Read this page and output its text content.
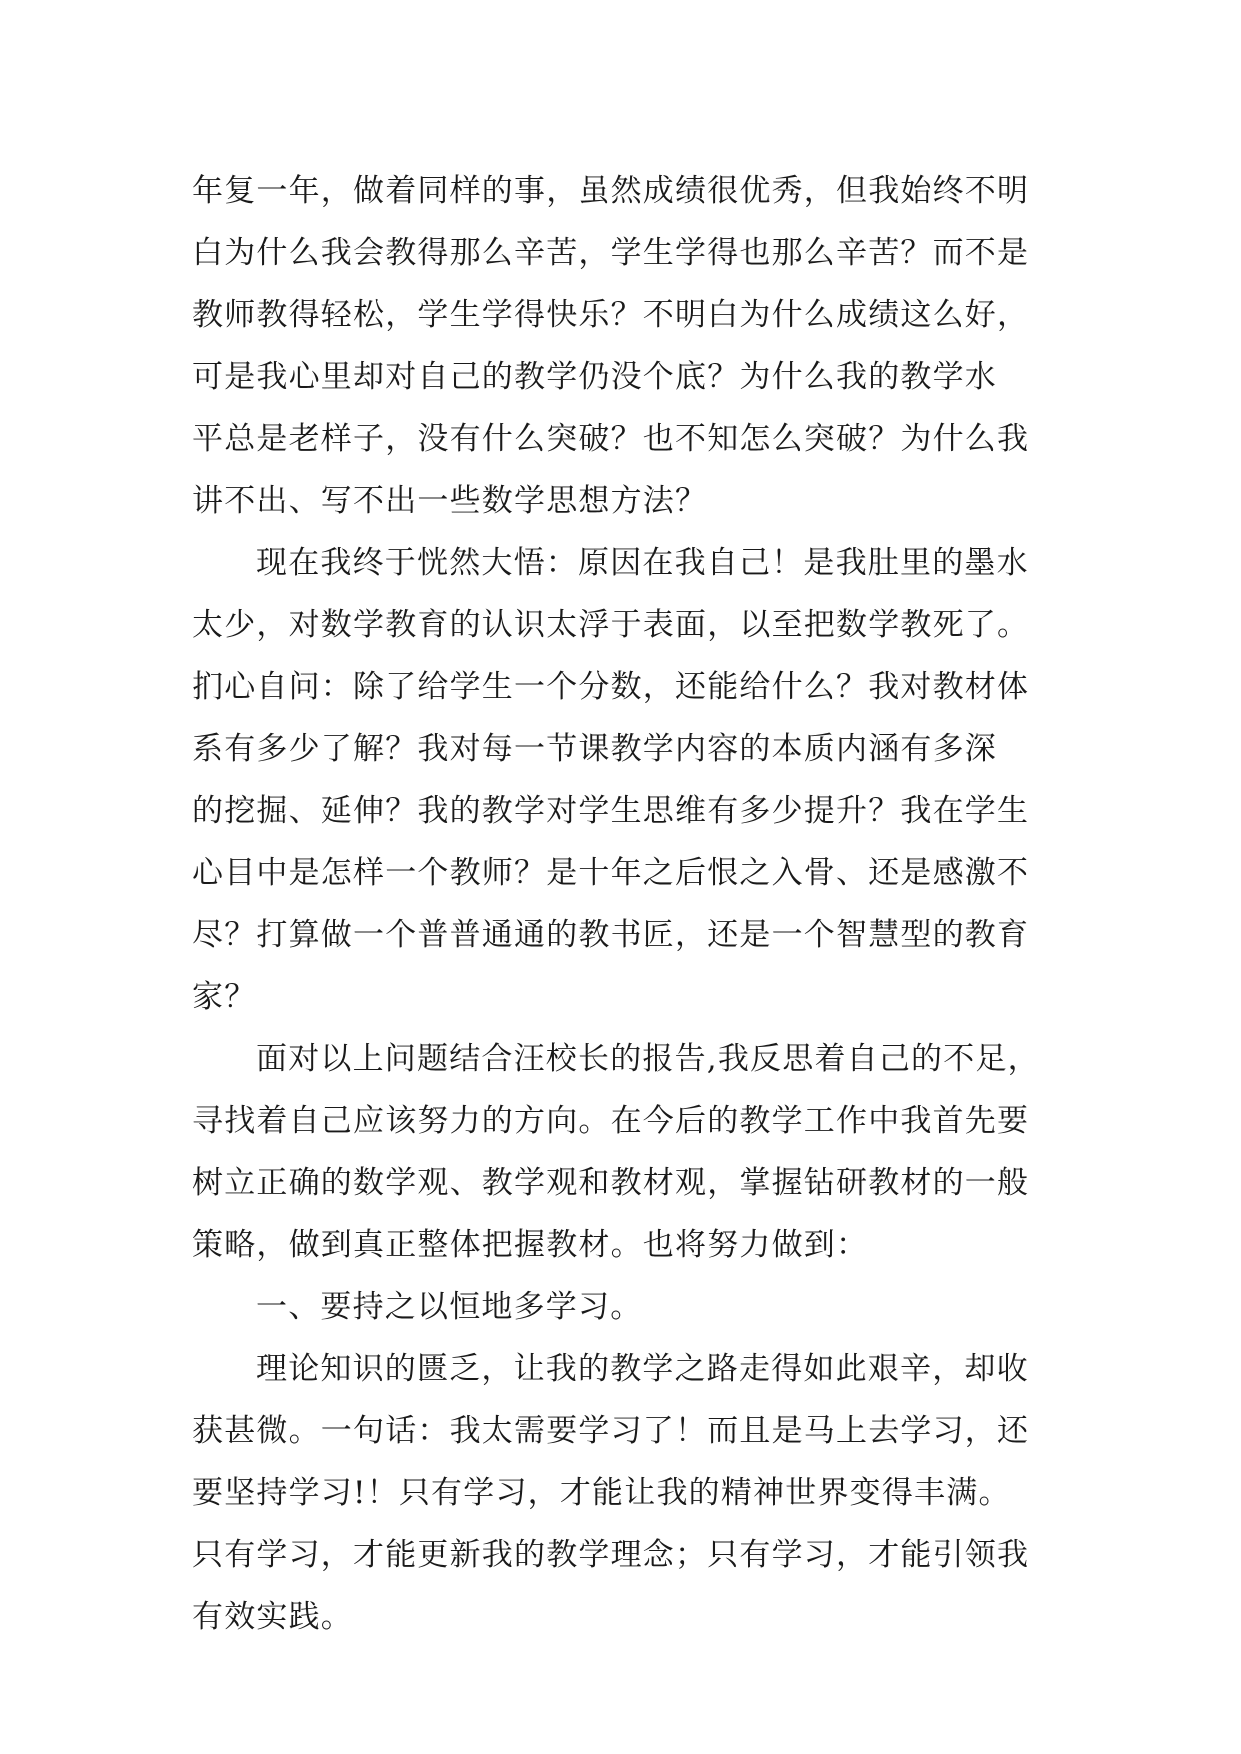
年复一年，做着同样的事，虽然成绩很优秀，但我始终不明
白为什么我会教得那么辛苦，学生学得也那么辛苦？而不是
教师教得轻松，学生学得快乐？不明白为什么成绩这么好，
可是我心里却对自己的教学仍没个底？为什么我的教学水
平总是老样子，没有什么突破？也不知怎么突破？为什么我
讲不出、写不出一些数学思想方法？
现在我终于恍然大悟：原因在我自己！是我肚里的墨水
太少，对数学教育的认识太浮于表面，以至把数学教死了。
扪心自问：除了给学生一个分数，还能给什么？我对教材体
系有多少了解？我对每一节课教学内容的本质内涵有多深
的挖掘、延伸？我的教学对学生思维有多少提升？我在学生
心目中是怎样一个教师？是十年之后恨之入骨、还是感激不
尽？打算做一个普普通通的教书匠，还是一个智慧型的教育
家？
面对以上问题结合汪校长的报告,我反思着自己的不足，
寻找着自己应该努力的方向。在今后的教学工作中我首先要
树立正确的数学观、教学观和教材观，掌握钻研教材的一般
策略，做到真正整体把握教材。也将努力做到：
一、要持之以恒地多学习。
理论知识的匮乏，让我的教学之路走得如此艰辛，却收
获甚微。一句话：我太需要学习了！而且是马上去学习，还
要坚持学习!！只有学习，才能让我的精神世界变得丰满。
只有学习，才能更新我的教学理念；只有学习，才能引领我
有效实践。
